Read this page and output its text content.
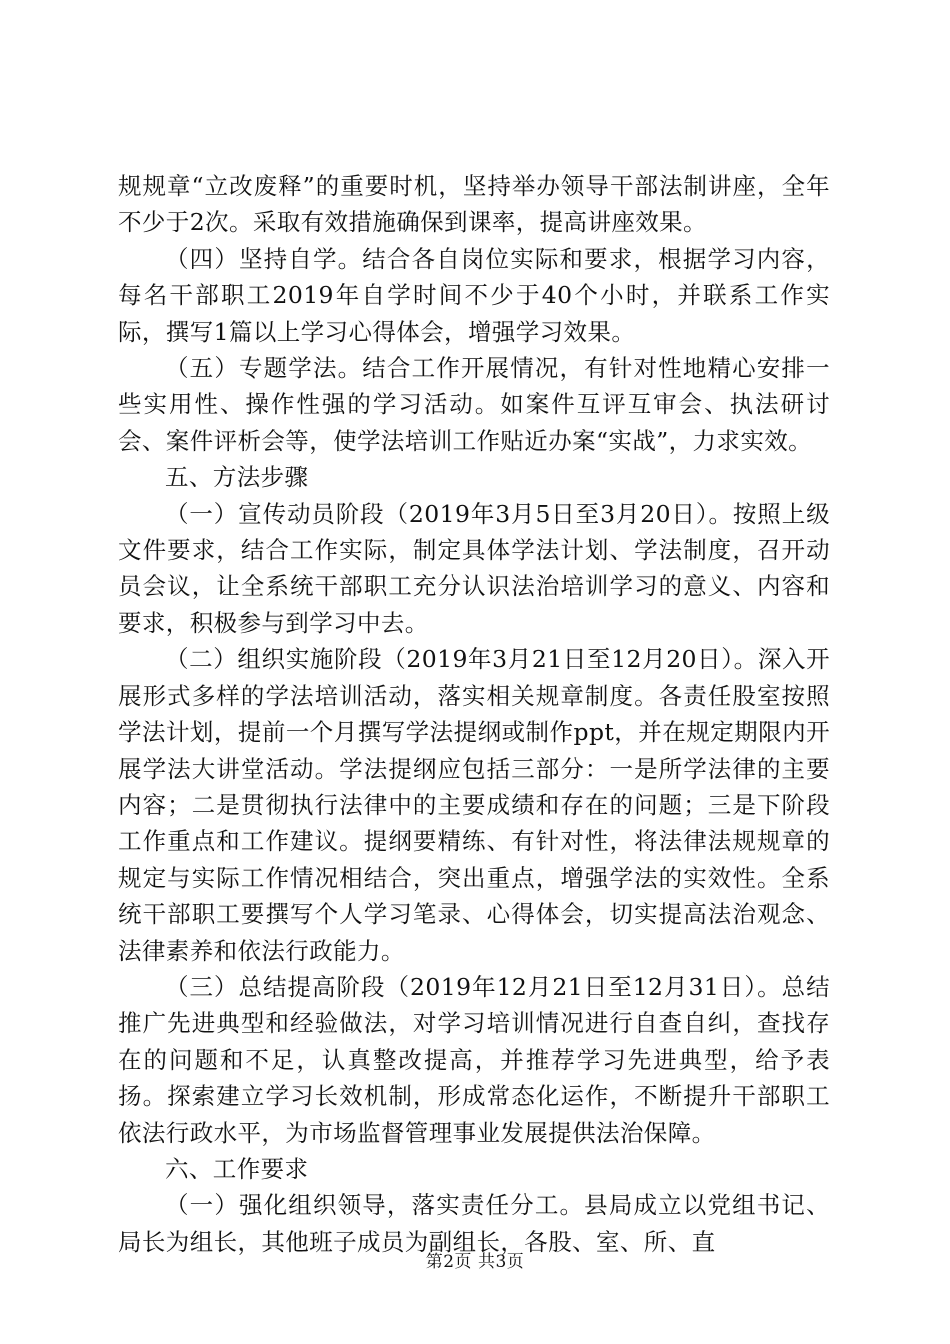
规规章“立改废释”的重要时机，坚持举办领导干部法制讲座，全年不少于2次。采取有效措施确保到课率，提高讲座效果。

（四）坚持自学。结合各自岗位实际和要求，根据学习内容，每名干部职工2019年自学时间不少于40个小时，并联系工作实际，撰写1篇以上学习心得体会，增强学习效果。

（五）专题学法。结合工作开展情况，有针对性地精心安排一些实用性、操作性强的学习活动。如案件互评互审会、执法研讨会、案件评析会等，使学法培训工作贴近办案“实战”，力求实效。

五、方法步骤

（一）宣传动员阶段（2019年3月5日至3月20日）。按照上级文件要求，结合工作实际，制定具体学法计划、学法制度，召开动员会议，让全系统干部职工充分认识法治培训学习的意义、内容和要求，积极参与到学习中去。

（二）组织实施阶段（2019年3月21日至12月20日）。深入开展形式多样的学法培训活动，落实相关规章制度。各责任股室按照学法计划，提前一个月撰写学法提纲或制作ppt，并在规定期限内开展学法大讲堂活动。学法提纲应包括三部分：一是所学法律的主要内容；二是贯彻执行法律中的主要成绩和存在的问题；三是下阶段工作重点和工作建议。提纲要精练、有针对性，将法律法规规章的规定与实际工作情况相结合，突出重点，增强学法的实效性。全系统干部职工要撰写个人学习笔录、心得体会，切实提高法治观念、法律素养和依法行政能力。

（三）总结提高阶段（2019年12月21日至12月31日）。总结推广先进典型和经验做法，对学习培训情况进行自查自纠，查找存在的问题和不足，认真整改提高，并推荐学习先进典型，给予表扬。探索建立学习长效机制，形成常态化运作，不断提升干部职工依法行政水平，为市场监督管理事业发展提供法治保障。

六、工作要求

（一）强化组织领导，落实责任分工。县局成立以党组书记、局长为组长，其他班子成员为副组长，各股、室、所、直

第2页 共3页
